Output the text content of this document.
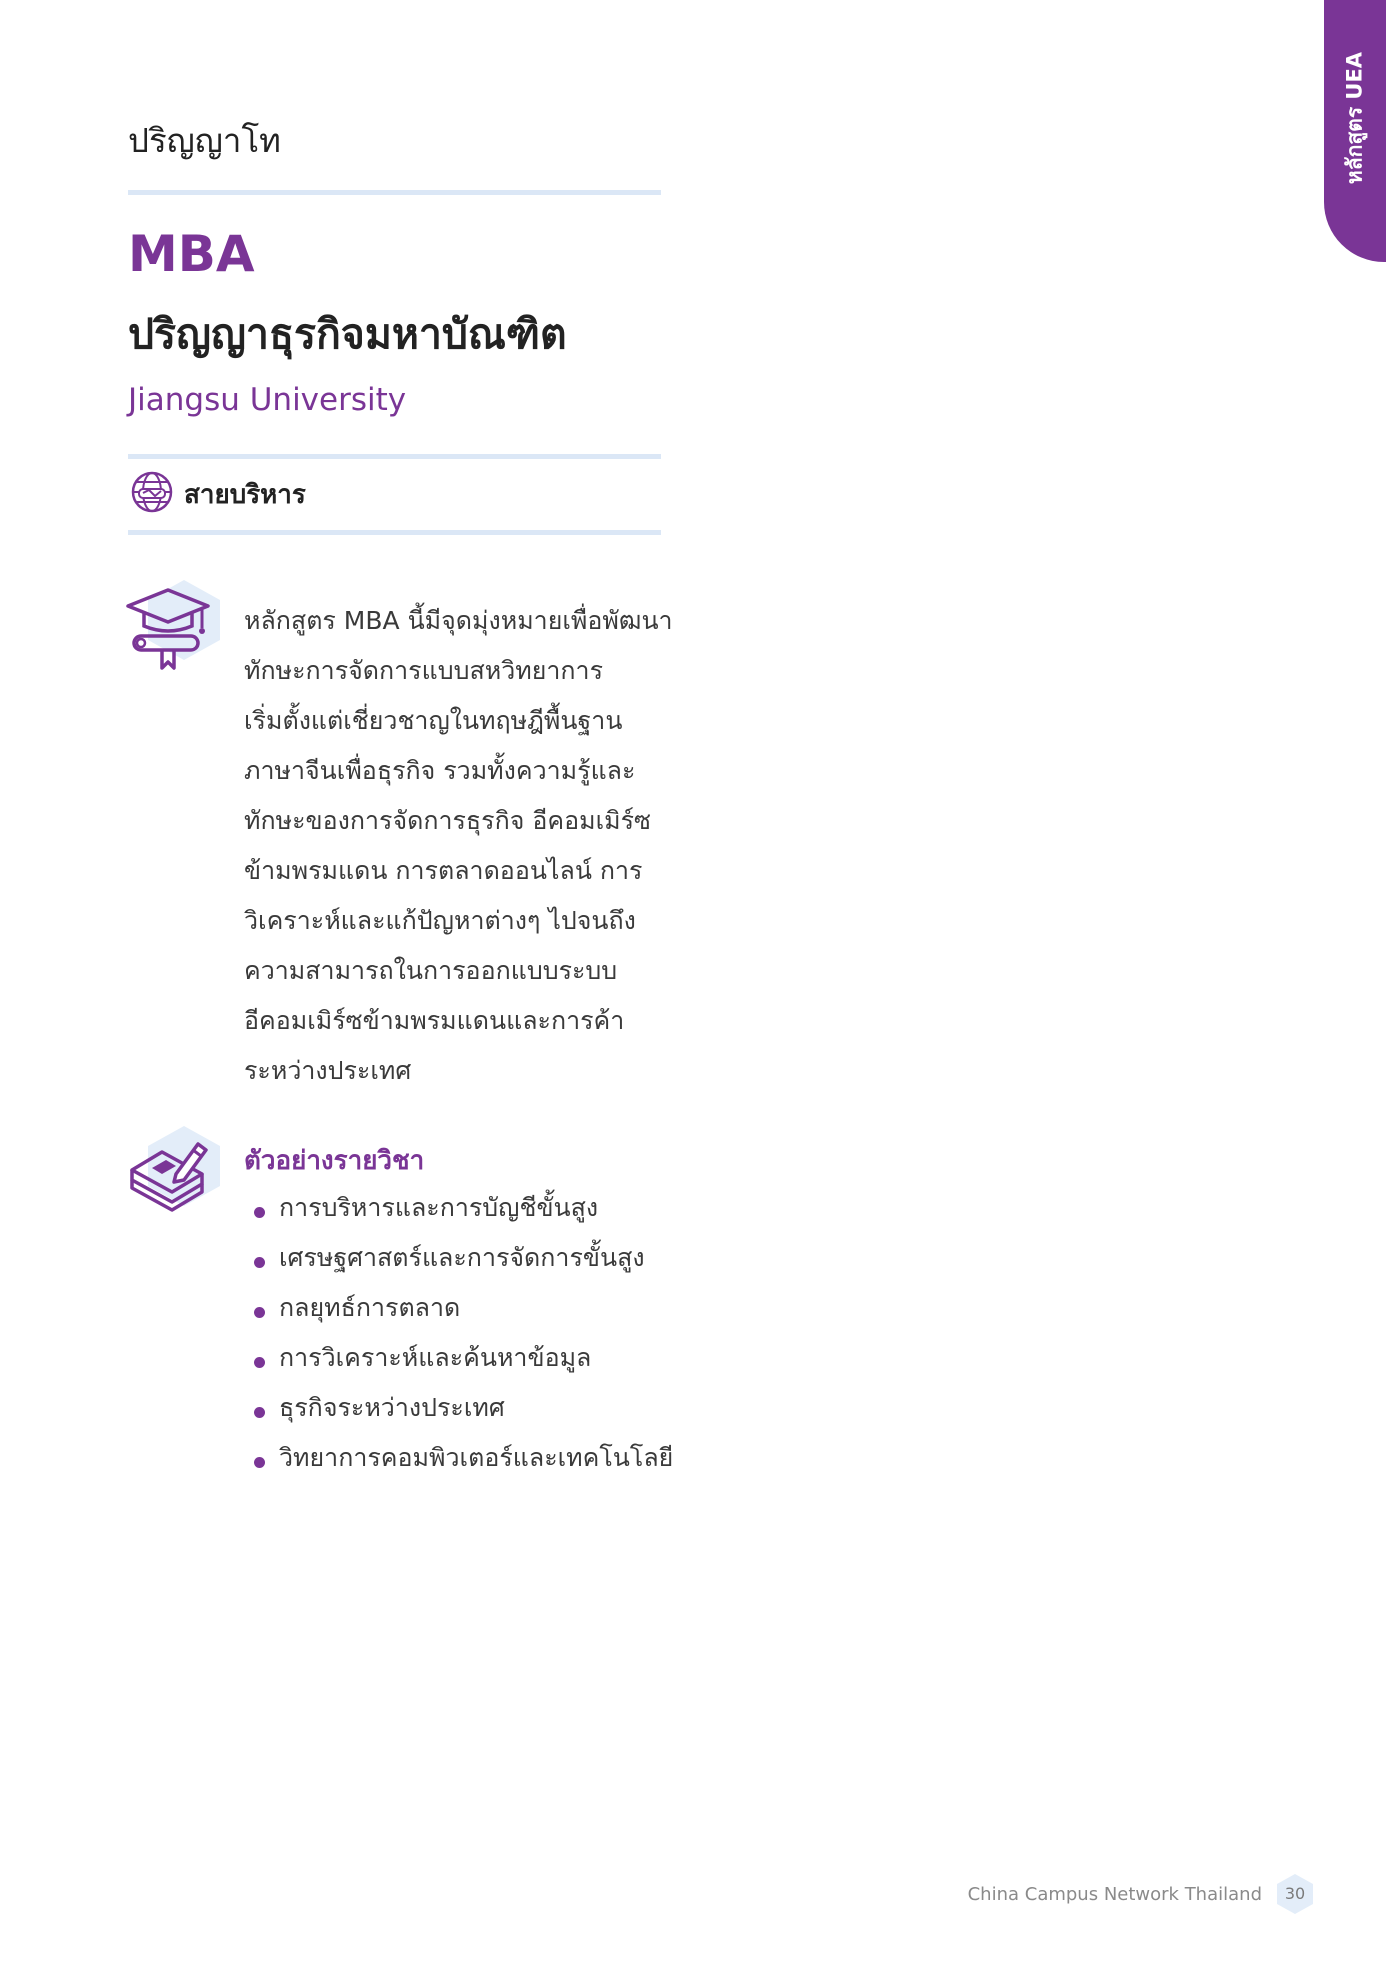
หลักสูตร UEA
ปริญญาโท
MBA
ปริญญาธุรกิจมหาบัณฑิต
Jiangsu University
สายบริหาร
หลักสูตร MBA นี้มีจุดมุ่งหมายเพื่อพัฒนา
ทักษะการจัดการแบบสหวิทยาการ
เริ่มตั้งแต่เชี่ยวชาญในทฤษฎีพื้นฐาน
ภาษาจีนเพื่อธุรกิจ รวมทั้งความรู้และ
ทักษะของการจัดการธุรกิจ อีคอมเมิร์ซ
ข้ามพรมแดน การตลาดออนไลน์ การ
วิเคราะห์และแก้ปัญหาต่างๆ ไปจนถึง
ความสามารถในการออกแบบระบบ
อีคอมเมิร์ซข้ามพรมแดนและการค้า
ระหว่างประเทศ
ตัวอย่างรายวิชา
การบริหารและการบัญชีขั้นสูง
เศรษฐศาสตร์และการจัดการขั้นสูง
กลยุทธ์การตลาด
การวิเคราะห์และค้นหาข้อมูล
ธุรกิจระหว่างประเทศ
วิทยาการคอมพิวเตอร์และเทคโนโลยี
China Campus Network Thailand	30
